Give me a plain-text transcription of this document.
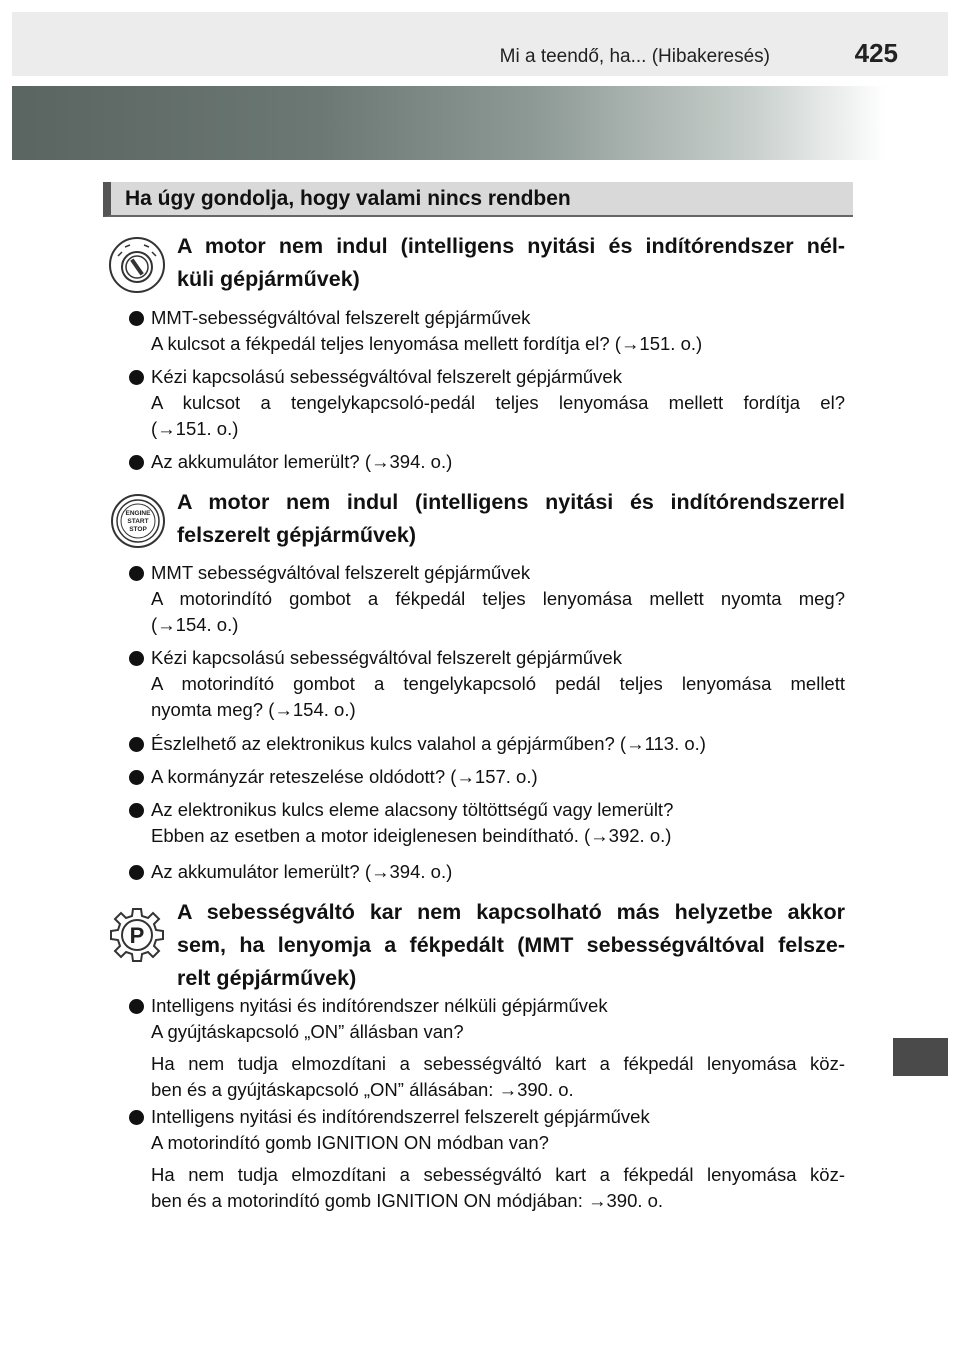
Mi a teendő, ha... (Hibakeresés)	425
Ha úgy gondolja, hogy valami nincs rendben
A motor nem indul (intelligens nyitási és indítórendszer nél-
küli gépjárművek)
MMT-sebességváltóval felszerelt gépjárművek
A kulcsot a fékpedál teljes lenyomása mellett fordítja el? (→151. o.)
Kézi kapcsolású sebességváltóval felszerelt gépjárművek
A kulcsot a tengelykapcsoló-pedál teljes lenyomása mellett fordítja el?
(→151. o.)
Az akkumulátor lemerült? (→394. o.)
ENGINE
START
STOP
A motor nem indul (intelligens nyitási és indítórendszerrel
felszerelt gépjárművek)
MMT sebességváltóval felszerelt gépjárművek
A motorindító gombot a fékpedál teljes lenyomása mellett nyomta meg?
(→154. o.)
Kézi kapcsolású sebességváltóval felszerelt gépjárművek
A motorindító gombot a tengelykapcsoló pedál teljes lenyomása mellett
nyomta meg? (→154. o.)
Észlelhető az elektronikus kulcs valahol a gépjárműben? (→113. o.)
A kormányzár reteszelése oldódott? (→157. o.)
Az elektronikus kulcs eleme alacsony töltöttségű vagy lemerült?
Ebben az esetben a motor ideiglenesen beindítható. (→392. o.)
Az akkumulátor lemerült? (→394. o.)
P
A sebességváltó kar nem kapcsolható más helyzetbe akkor
sem, ha lenyomja a fékpedált (MMT sebességváltóval felsze-
relt gépjárművek)
Intelligens nyitási és indítórendszer nélküli gépjárművek
A gyújtáskapcsoló „ON” állásban van?
Ha nem tudja elmozdítani a sebességváltó kart a fékpedál lenyomása köz-
ben és a gyújtáskapcsoló „ON” állásában: →390. o.
Intelligens nyitási és indítórendszerrel felszerelt gépjárművek
A motorindító gomb IGNITION ON módban van?
Ha nem tudja elmozdítani a sebességváltó kart a fékpedál lenyomása köz-
ben és a motorindító gomb IGNITION ON módjában: →390. o.
